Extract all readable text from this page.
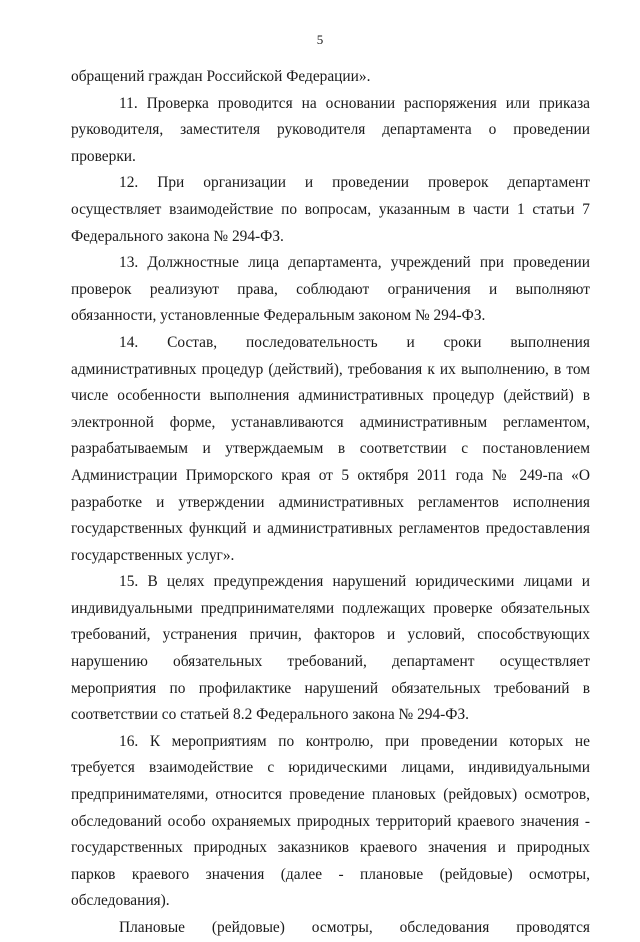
5

обращений граждан Российской Федерации».

11. Проверка проводится на основании распоряжения или приказа руководителя, заместителя руководителя департамента о проведении проверки.

12. При организации и проведении проверок департамент осуществляет взаимодействие по вопросам, указанным в части 1 статьи 7 Федерального закона № 294-ФЗ.

13. Должностные лица департамента, учреждений при проведении проверок реализуют права, соблюдают ограничения и выполняют обязанности, установленные Федеральным законом № 294-ФЗ.

14. Состав, последовательность и сроки выполнения административных процедур (действий), требования к их выполнению, в том числе особенности выполнения административных процедур (действий) в электронной форме, устанавливаются административным регламентом, разрабатываемым и утверждаемым в соответствии с постановлением Администрации Приморского края от 5 октября 2011 года № 249-па «О разработке и утверждении административных регламентов исполнения государственных функций и административных регламентов предоставления государственных услуг».

15. В целях предупреждения нарушений юридическими лицами и индивидуальными предпринимателями подлежащих проверке обязательных требований, устранения причин, факторов и условий, способствующих нарушению обязательных требований, департамент осуществляет мероприятия по профилактике нарушений обязательных требований в соответствии со статьей 8.2 Федерального закона № 294-ФЗ.

16. К мероприятиям по контролю, при проведении которых не требуется взаимодействие с юридическими лицами, индивидуальными предпринимателями, относится проведение плановых (рейдовых) осмотров, обследований особо охраняемых природных территорий краевого значения - государственных природных заказников краевого значения и природных парков краевого значения (далее - плановые (рейдовые) осмотры, обследования).

Плановые (рейдовые) осмотры, обследования проводятся
